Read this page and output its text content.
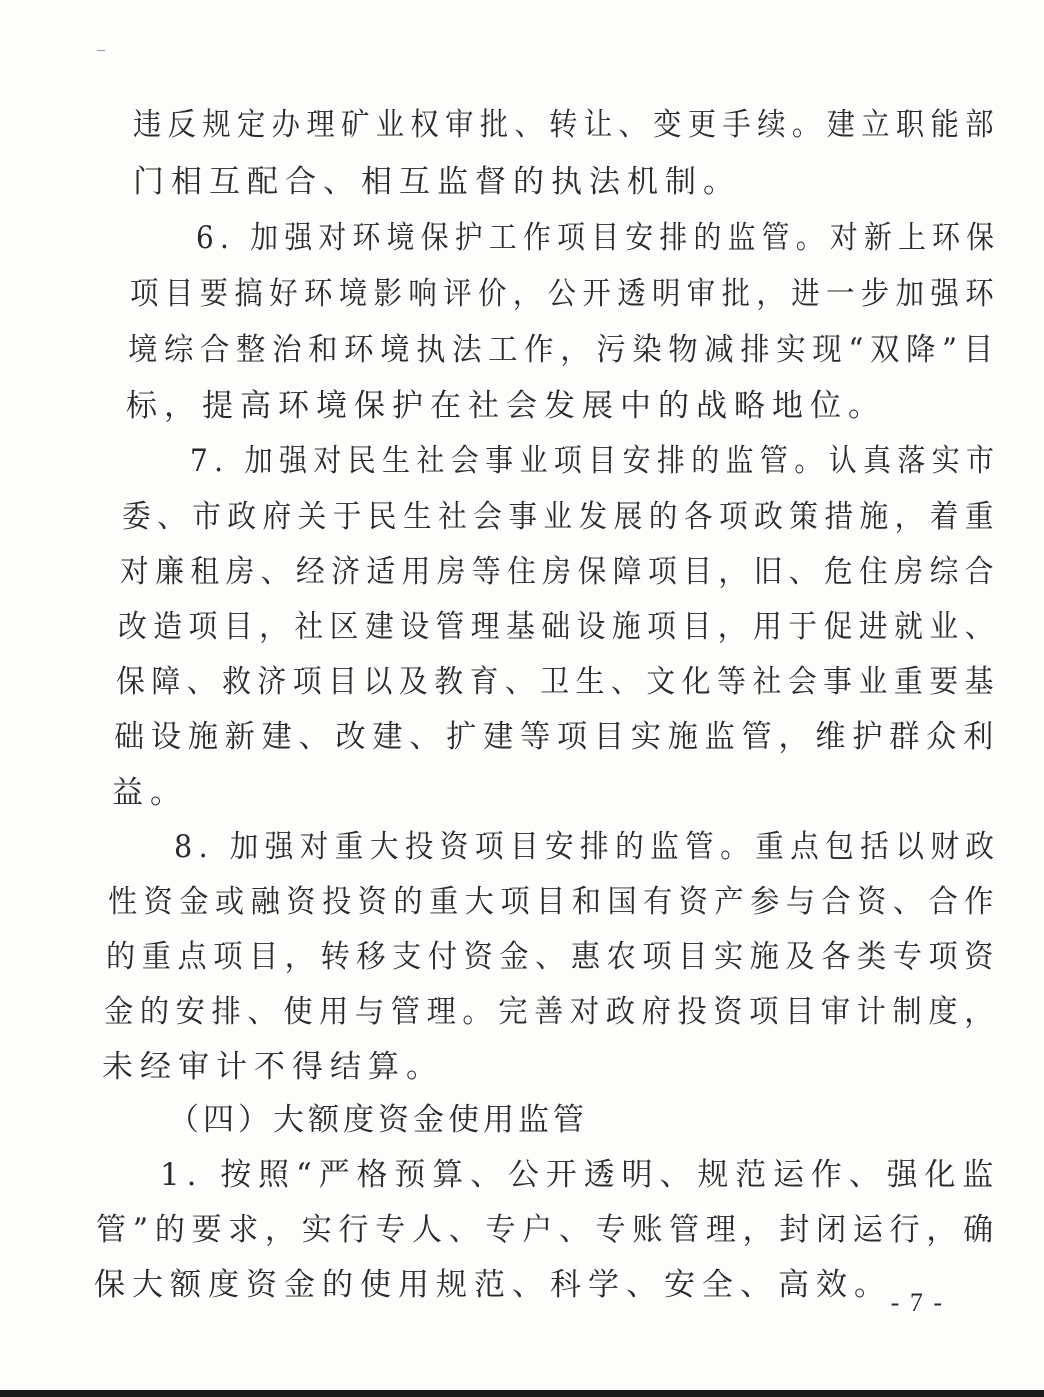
违反规定办理矿业权审批、转让、变更手续。建立职能部
门相互配合、相互监督的执法机制。
6. 加强对环境保护工作项目安排的监管。对新上环保
项目要搞好环境影响评价，公开透明审批，进一步加强环
境综合整治和环境执法工作，污染物减排实现“双降”目
标，提高环境保护在社会发展中的战略地位。
7. 加强对民生社会事业项目安排的监管。认真落实市
委、市政府关于民生社会事业发展的各项政策措施，着重
对廉租房、经济适用房等住房保障项目，旧、危住房综合
改造项目，社区建设管理基础设施项目，用于促进就业、
保障、救济项目以及教育、卫生、文化等社会事业重要基
础设施新建、改建、扩建等项目实施监管，维护群众利
益。
8. 加强对重大投资项目安排的监管。重点包括以财政
性资金或融资投资的重大项目和国有资产参与合资、合作
的重点项目，转移支付资金、惠农项目实施及各类专项资
金的安排、使用与管理。完善对政府投资项目审计制度，
未经审计不得结算。
（四）大额度资金使用监管
1. 按照“严格预算、公开透明、规范运作、强化监
管”的要求，实行专人、专户、专账管理，封闭运行，确
保大额度资金的使用规范、科学、安全、高效。
- 7 -
